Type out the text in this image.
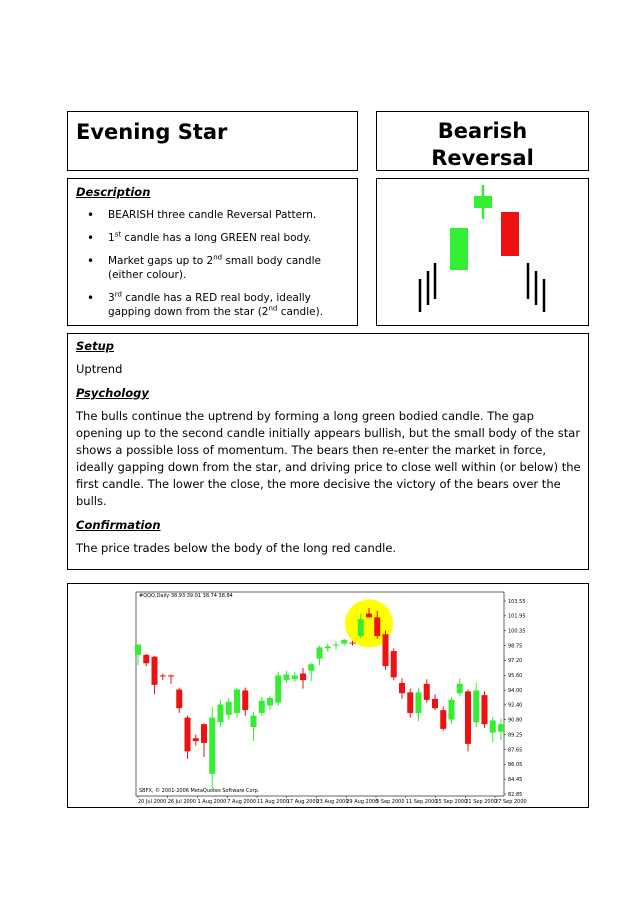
Evening Star	Bearish
Reversal
Description
• BEARISH three candle Reversal Pattern.
• 1st candle has a long GREEN real body.
• Market gaps up to 2nd small body candle (either colour).
• 3rd candle has a RED real body, ideally gapping down from the star (2nd candle).
Setup
Uptrend
Psychology
The bulls continue the uptrend by forming a long green bodied candle. The gap opening up to the second candle initially appears bullish, but the small body of the star shows a possible loss of momentum. The bears then re-enter the market in force, ideally gapping down from the star, and driving price to close well within (or below) the first candle. The lower the close, the more decisive the victory of the bears over the bulls.
Confirmation
The price trades below the body of the long red candle.
#QQQ,Daily 38.93 39.01 38.74 38.84
SBFX, © 2001-2006 MetaQuotes Software Corp.
103.55
101.95
100.35
98.75
97.20
95.60
94.00
92.40
90.80
89.25
87.65
86.05
84.45
82.85
20 Jul 2000 26 Jul 2000 1 Aug 2000 7 Aug 2000 11 Aug 2000
17 Aug 2000
23 Aug 2000
29 Aug 2000
5 Sep 2000 11 Sep 2000
15 Sep 2000
21 Sep 2000
27 Sep 2000
